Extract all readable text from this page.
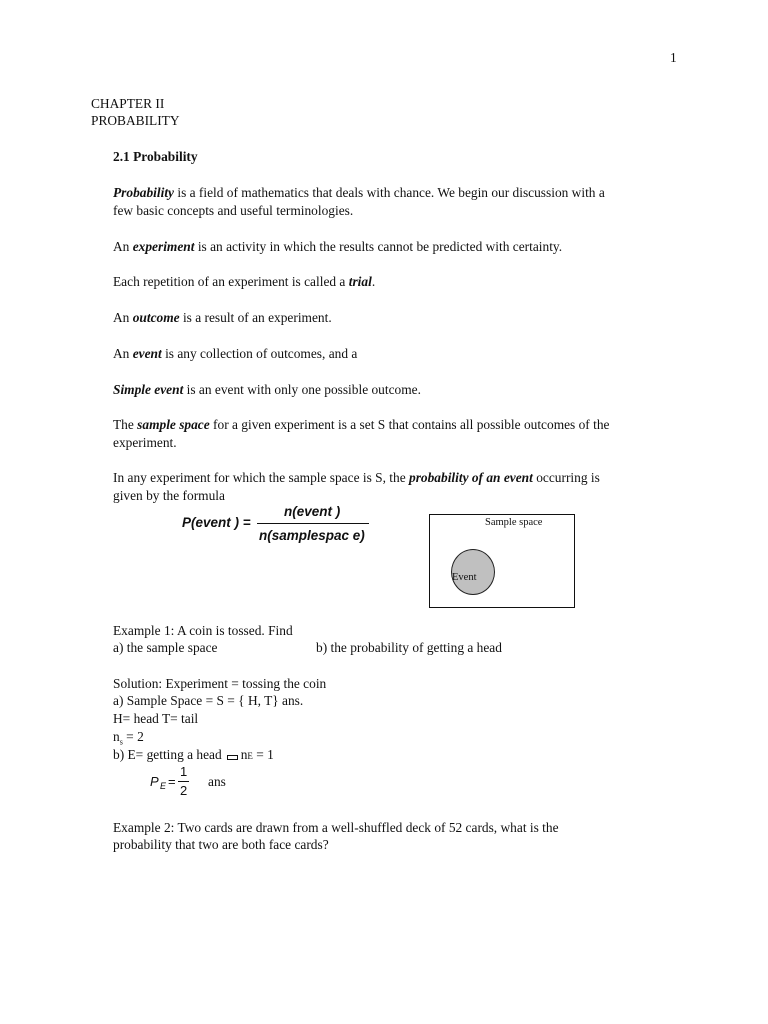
1
CHAPTER II
PROBABILITY
2.1 Probability
Probability is a field of mathematics that deals with chance. We begin our discussion with a
few basic concepts and useful terminologies.
An experiment is an activity in which the results cannot be predicted with certainty.
Each repetition of an experiment is called a trial.
An outcome is a result of an experiment.
An event is any collection of outcomes, and a
Simple event is an event with only one possible outcome.
The sample space for a given experiment is a set S that contains all possible outcomes of the
experiment.
In any experiment for which the sample space is S, the probability of an event occurring is
given by the formula
P(event ) =
n(event )
n(samplespac e)
Sample space
Event
Example 1: A coin is tossed. Find
a) the sample space	b) the probability of getting a head
Solution: Experiment = tossing the coin
a) Sample Space = S = { H, T} ans.
H= head T= tail
$n_s = 2$
b) E= getting a head nE = 1
P E =
1
2
ans
Example 2: Two cards are drawn from a well-shuffled deck of 52 cards, what is the
probability that two are both face cards?
